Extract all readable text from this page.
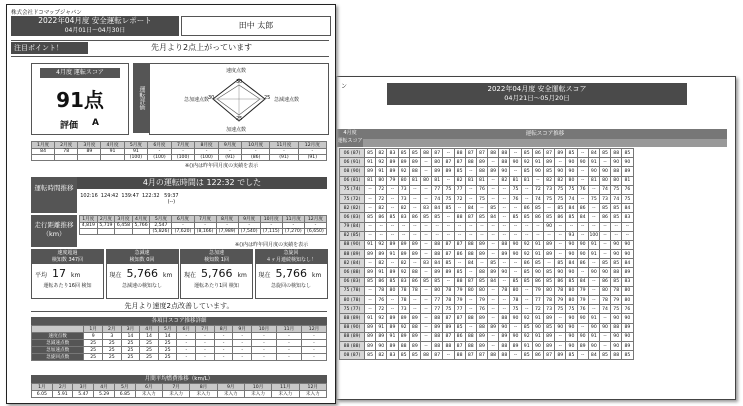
ン	2022年04月度 安全運転スコア
04月21日～05月20日
4月度
運転スコア
運転スコア推移
06 (87)	85	82	83	85	85	88	87	--	88	87	87	88	88	--	85	86	87	89	85	--	84	85	88	85
06 (91)	91	92	89	89	89	--	80	87	87	88	89	--	88	90	92	91	89	--	90	90	91	--	90	90
08 (90)	89	91	89	92	88	--	89	89	85	--	88	89	90	--	85	90	85	90	90	--	90	90	88	89
06 (81)	81	80	79	80	81	80	81	--	82	81	81	--	82	81	81	--	82	82	80	--	81	80	80	81
75 (74)	--	72	--	73	--	--	77	75	77	--	76	--	--	75	--	72	73	75	75	76	--	74	75	76
75 (72)	--	72	--	73	--	--	74	75	72	--	75	--	--	76	--	74	75	75	74	--	75	73	74	75
82 (82)	--	82	--	82	--	83	84	85	--	84	--	85	--	--	86	85	--	85	84	86	--	85	85	84
06 (83)	85	86	85	83	86	85	85	--	88	87	85	84	--	85	85	86	85	86	85	84	--	86	85	83
79 (84)	--	--	--	--	--	--	--	--	--	--	--	--	--	--	--	--	90	--	--	--	--	--	--	--
82 (85)	--	--	--	--	--	--	--	--	--	--	--	--	--	--	--	--	--	--	93	--	100	--	--	--
88 (90)	91	92	89	89	89	--	88	87	87	88	89	--	88	90	92	91	89	--	90	90	91	--	90	90
88 (89)	89	89	91	89	89	--	88	87	86	88	89	--	89	90	92	91	89	--	90	90	91	--	90	90
82 (84)	--	82	--	82	--	83	84	85	--	84	--	85	--	--	86	85	--	85	84	86	--	85	85	84
06 (88)	89	91	89	92	88	--	89	89	85	--	88	89	90	--	85	90	85	90	90	--	90	90	88	89
06 (83)	85	86	85	83	86	85	85	--	88	87	85	84	--	85	85	86	85	86	85	84	--	86	85	83
75 (78)	--	78	80	78	78	--	80	78	79	80	80	--	78	80	--	79	80	78	80	79	--	80	78	80
80 (78)	--	76	--	78	--	--	77	78	79	--	79	--	--	78	--	77	78	79	80	79	--	78	79	80
75 (77)	--	72	--	73	--	--	77	75	77	--	76	--	--	75	--	72	73	75	75	76	--	74	75	76
88 (89)	91	92	89	89	89	--	88	87	87	88	89	--	88	90	92	91	89	--	90	90	91	--	90	90
88 (90)	89	91	89	92	88	--	89	89	85	--	88	89	90	--	85	90	85	90	90	--	90	90	88	89
88 (89)	89	89	91	89	89	--	88	87	86	88	89	--	89	90	92	91	89	--	90	90	91	--	90	90
88 (88)	89	90	89	88	89	--	88	88	87	88	89	--	88	89	91	90	89	--	90	89	90	--	90	89
08 (87)	85	82	83	85	85	88	87	--	88	87	87	88	88	--	85	86	87	89	85	--	84	85	88	85
株式会社ドコマップジャパン
2022年04月度 安全運転レポート
04月01日～04月30日
田中 太郎
注目ポイント！	先月より2点上がっています
4月度 運転スコア
91点
評価 A
運転評価
速度点数
30
急加速点数
30	急減速点数
25
加速点数
25
1月度	2月度	3月度	4月度	5月度	6月度	7月度	8月度	9月度	10月度	11月度	12月度
84	78	89	91	91	-	-	-	-	-	-	-
				(100)	(100)	(100)	(100)	(91)	(86)	(91)	(91)
※()内は昨年同月度の実績を表示
運転時間推移
4月の運転時間は 122:32 でした
102:16 124:42 139:47 122:32 59:37
(--)
走行距離推移（km）
1月度	2月度	3月度	4月度	5月度	6月度	7月度	8月度	9月度	10月度	11月度	12月度
4,819	5,719	6,458	5,766	2,547	-	-	-	-	-	-	-
				(5,826)	(7,620)	(8,166)	(7,989)	(7,540)	(7,115)	(7,270)	(6,650)
※()内は昨年同月度の実績を表示
速度超過
検知数 347回
平均 17 km
運転あたり16回 検知
急減速
検知数 0回
現在 5,766 km
急減速の検知なし
急加速
検知数 1回
現在 5,766 km
運転あたり1回 検知
急旋回
４ヶ月連続検知なし！
現在 5,766 km
急旋回の検知なし
先月より速度2点改善しています。
各項目スコア推移詳細
	1月	2月	3月	4月	5月	6月	7月	8月	9月	10月	11月	12月
速度点数	9	3	14	14	14	-	-	-	-	-	-	-
急減速点数	25	25	25	25	25	-	-	-	-	-	-	-
急加速点数	25	25	25	25	25	-	-	-	-	-	-	-
急旋回点数	25	25	25	25	25	-	-	-	-	-	-	-
月間平均燃費推移（km/L）
1月	2月	3月	4月	5月	6月	7月	8月	9月	10月	11月	12月
6.05	5.91	5.47	5.29	6.85	未入力	未入力	未入力	未入力	未入力	未入力	未入力
